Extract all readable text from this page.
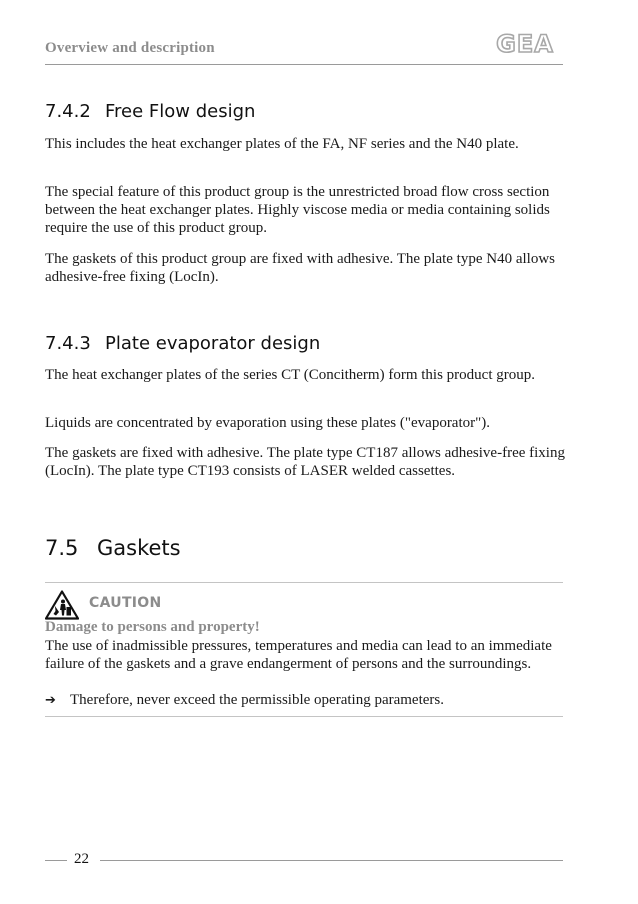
Overview and description	GEA
7.4.2 Free Flow design

This includes the heat exchanger plates of the FA, NF series and the N40 plate.

The special feature of this product group is the unrestricted broad flow cross section between the heat exchanger plates. Highly viscose media or media containing solids require the use of this product group.

The gaskets of this product group are fixed with adhesive. The plate type N40 allows adhesive-free fixing (LocIn).

7.4.3 Plate evaporator design

The heat exchanger plates of the series CT (Concitherm) form this product group.

Liquids are concentrated by evaporation using these plates ("evaporator").

The gaskets are fixed with adhesive. The plate type CT187 allows adhesive-free fixing (LocIn). The plate type CT193 consists of LASER welded cassettes.

7.5 Gaskets
CAUTION
Damage to persons and property!

The use of inadmissible pressures, temperatures and media can lead to an immediate failure of the gaskets and a grave endangerment of persons and the surroundings.

➔ Therefore, never exceed the permissible operating parameters.
22
